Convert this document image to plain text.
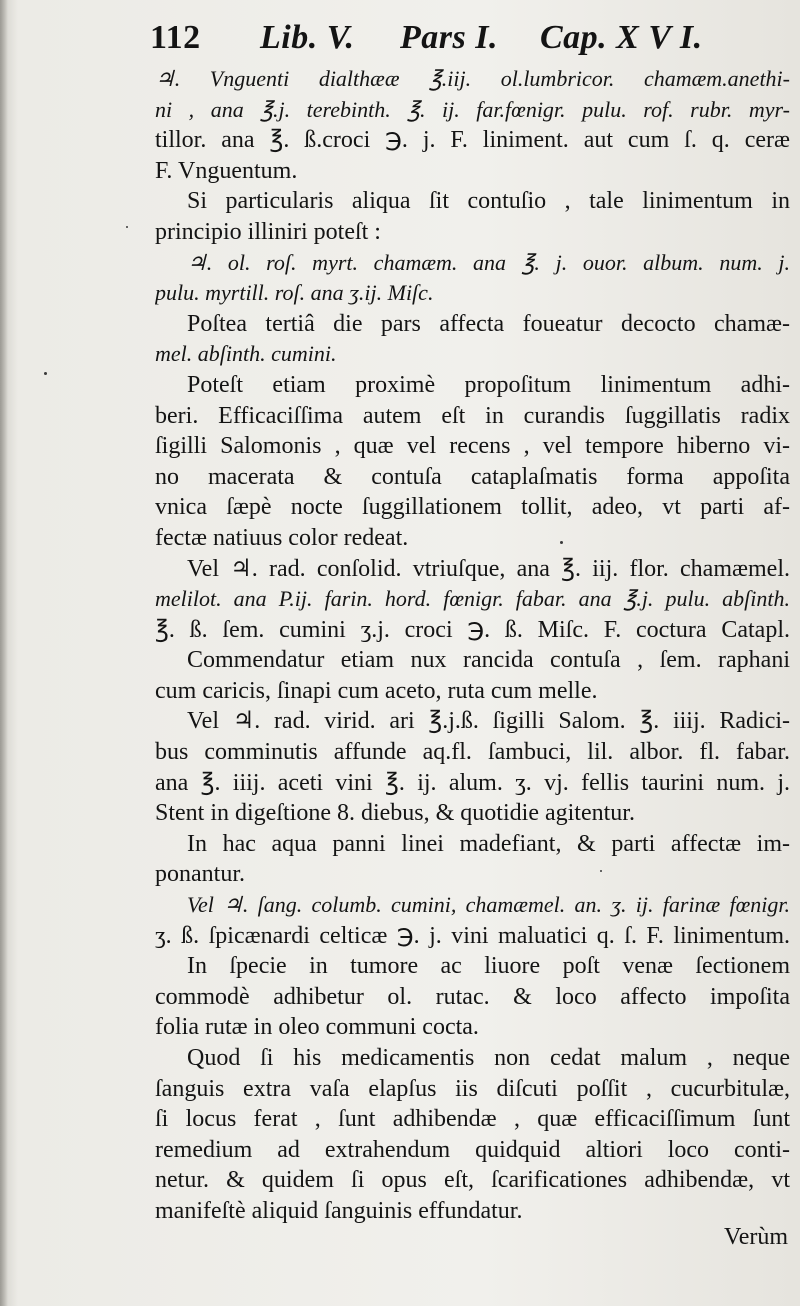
112 Lib. V. Pars I. Cap. X V I.
♃. Vnguenti dialthææ ℥.iij. ol.lumbricor. chamæm.anethi-
ni , ana ℥.j. terebinth. ℥. ij. far.fœnigr. pulu. rof. rubr. myr-
tillor. ana ℥. ß.croci ℈. j. F. liniment. aut cum ſ. q. ceræ
F. Vnguentum.
Si particularis aliqua ſit contuſio , tale linimentum in
principio illiniri poteſt :
♃. ol. roſ. myrt. chamæm. ana ℥. j. ouor. album. num. j.
pulu. myrtill. roſ. ana ʒ.ij. Miſc.
Poſtea tertiâ die pars affecta foueatur decocto chamæ-
mel. abſinth. cumini.
Poteſt etiam proximè propoſitum linimentum adhi-
beri. Efficaciſſima autem eſt in curandis ſuggillatis radix
ſigilli Salomonis , quæ vel recens , vel tempore hiberno vi-
no macerata & contuſa cataplaſmatis forma appoſita
vnica ſæpè nocte ſuggillationem tollit, adeo, vt parti af-
fectæ natiuus color redeat.
Vel ♃. rad. conſolid. vtriuſque, ana ℥. iij. flor. chamæmel.
melilot. ana P.ij. farin. hord. fœnigr. fabar. ana ℥.j. pulu. abſinth.
℥. ß. ſem. cumini ʒ.j. croci ℈. ß. Miſc. F. coctura Catapl.
Commendatur etiam nux rancida contuſa , ſem. raphani
cum caricis, ſinapi cum aceto, ruta cum melle.
Vel ♃. rad. virid. ari ℥.j.ß. ſigilli Salom. ℥. iiij. Radici-
bus comminutis affunde aq.fl. ſambuci, lil. albor. fl. fabar.
ana ℥. iiij. aceti vini ℥. ij. alum. ʒ. vj. fellis taurini num. j.
Stent in digeſtione 8. diebus, & quotidie agitentur.
In hac aqua panni linei madefiant, & parti affectæ im-
ponantur.
Vel ♃. ſang. columb. cumini, chamæmel. an. ʒ. ij. farinæ fœnigr.
ʒ. ß. ſpicænardi celticæ ℈. j. vini maluatici q. ſ. F. linimentum.
In ſpecie in tumore ac liuore poſt venæ ſectionem
commodè adhibetur ol. rutac. & loco affecto impoſita
folia rutæ in oleo communi cocta.
Quod ſi his medicamentis non cedat malum , neque
ſanguis extra vaſa elapſus iis diſcuti poſſit , cucurbitulæ,
ſi locus ferat , ſunt adhibendæ , quæ efficaciſſimum ſunt
remedium ad extrahendum quidquid altiori loco conti-
netur. & quidem ſi opus eſt, ſcarificationes adhibendæ, vt
manifeſtè aliquid ſanguinis effundatur.
Verùm
